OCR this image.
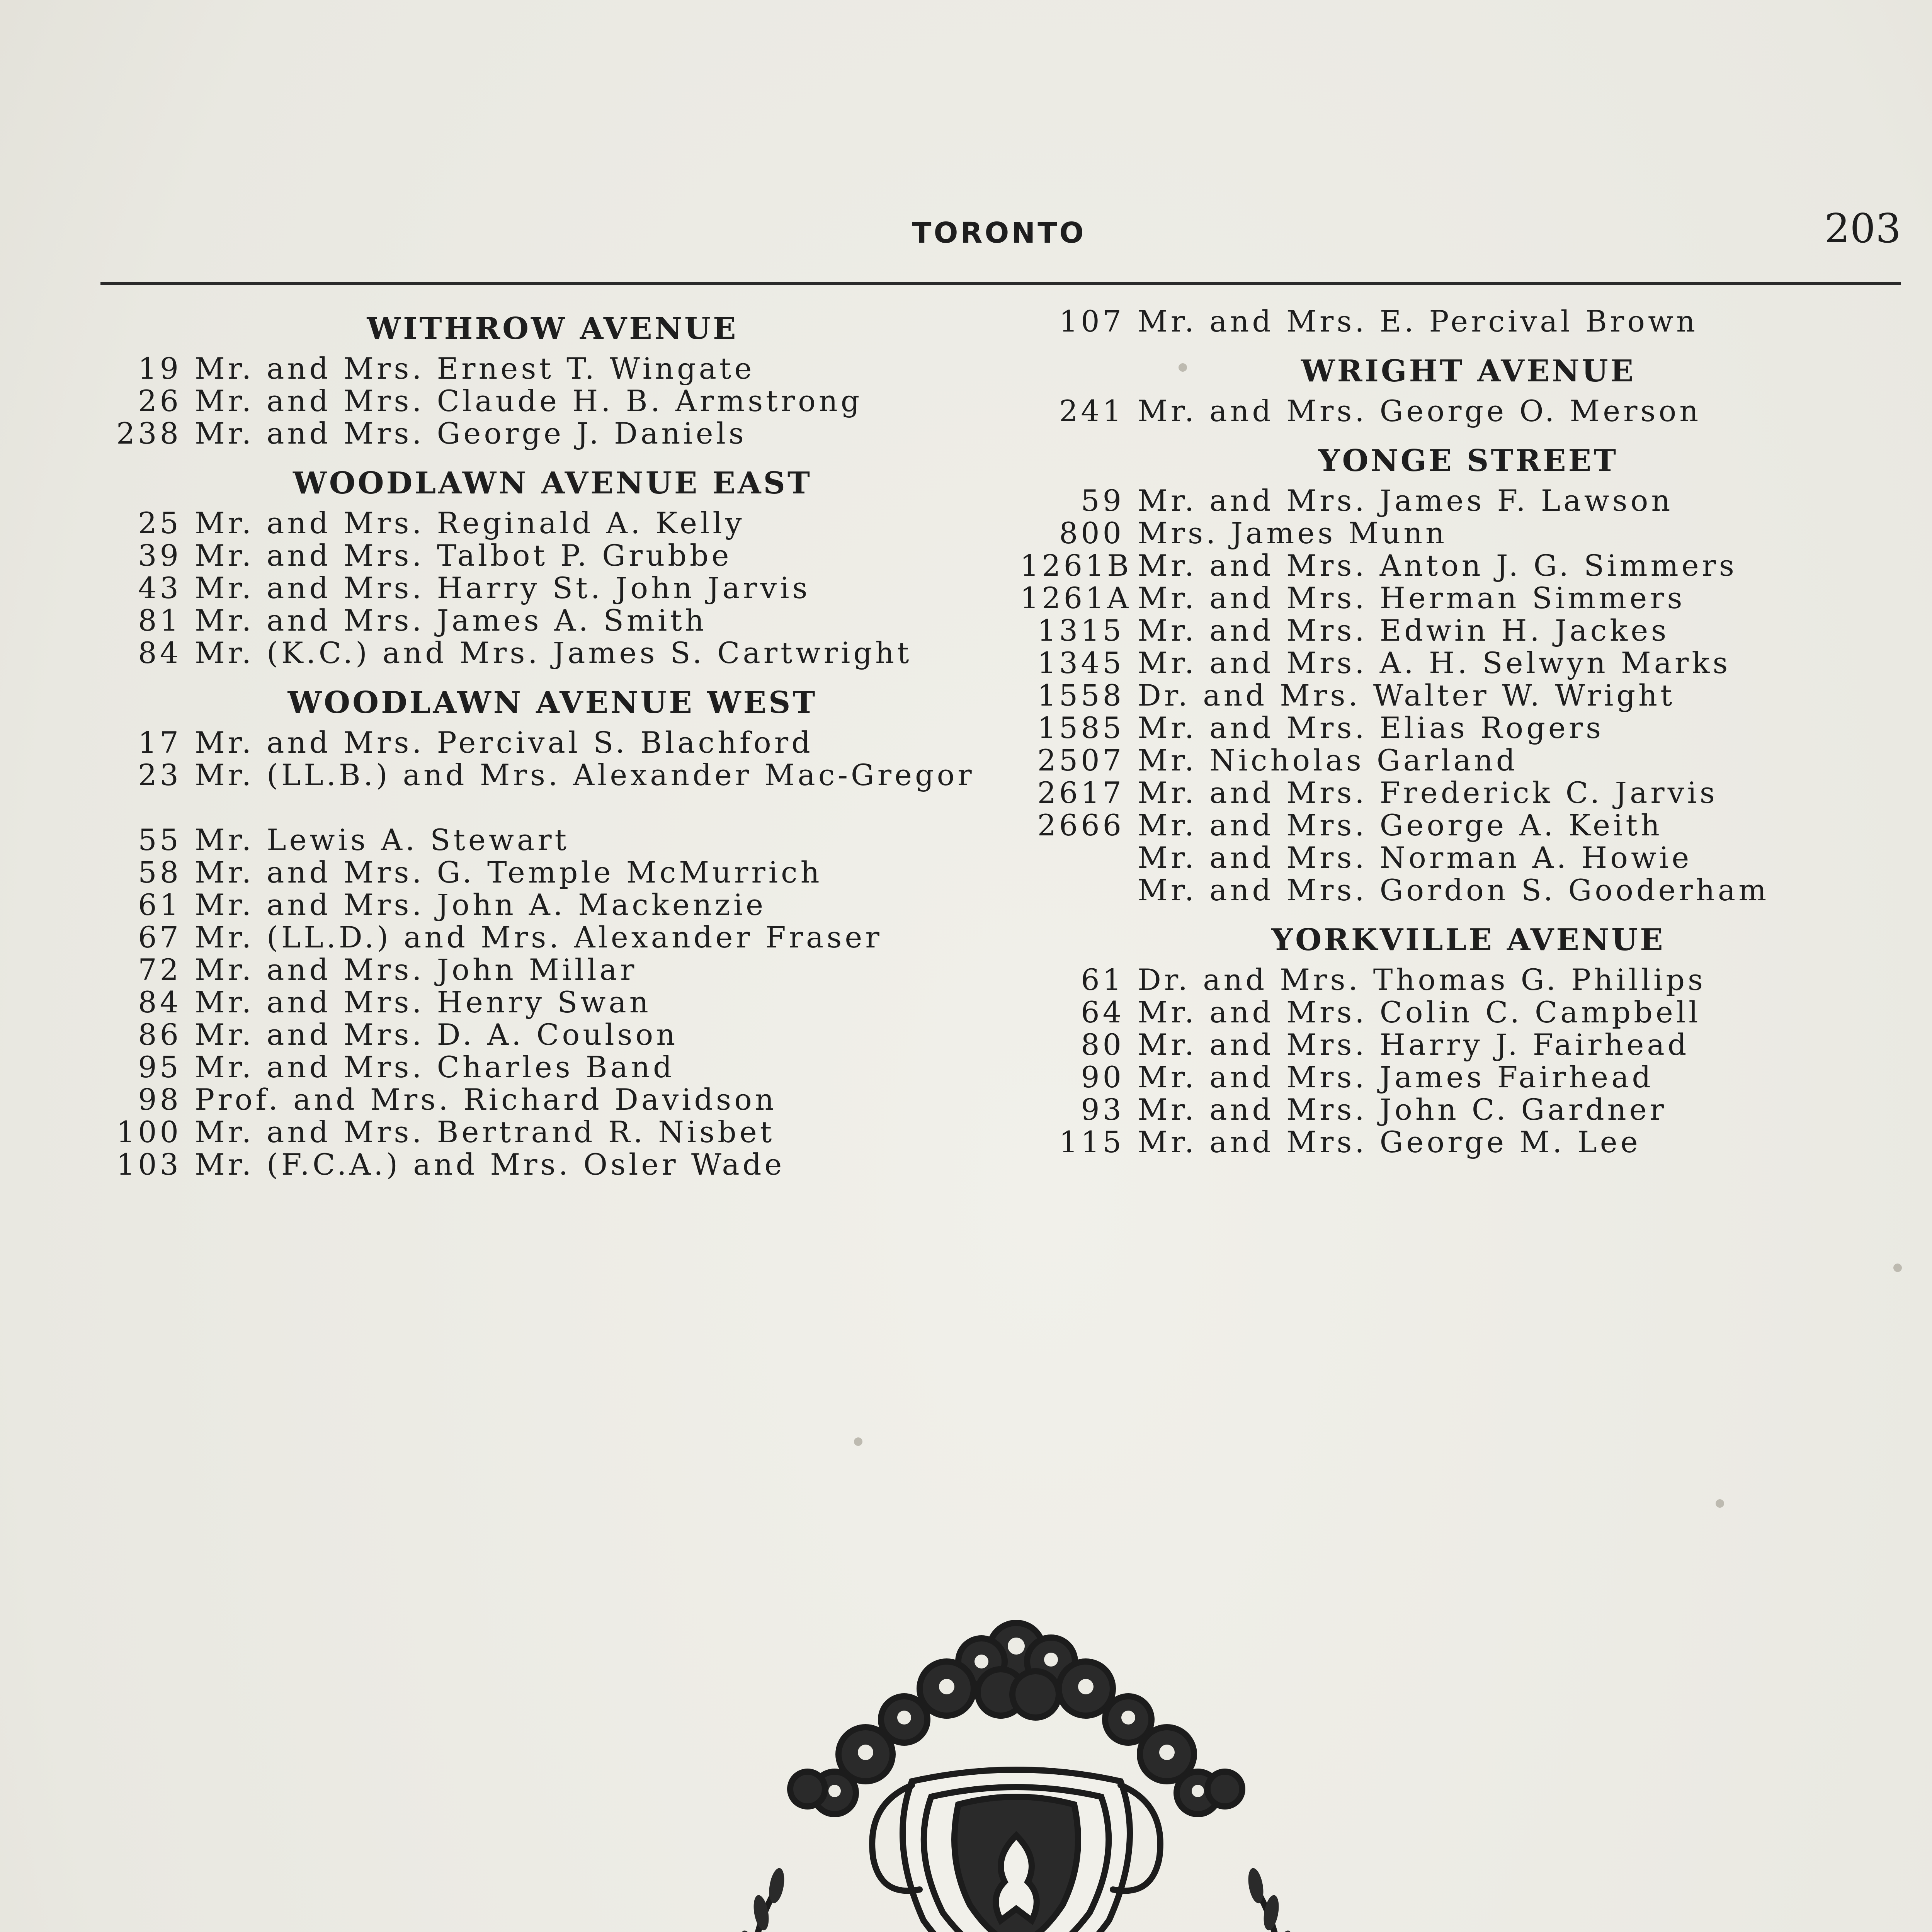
TORONTO	203
WITHROW AVENUE
19 Mr. and Mrs. Ernest T. Wingate
26 Mr. and Mrs. Claude H. B. Armstrong
238 Mr. and Mrs. George J. Daniels
WOODLAWN AVENUE EAST
25 Mr. and Mrs. Reginald A. Kelly
39 Mr. and Mrs. Talbot P. Grubbe
43 Mr. and Mrs. Harry St. John Jarvis
81 Mr. and Mrs. James A. Smith
84 Mr. (K.C.) and Mrs. James S. Cartwright
WOODLAWN AVENUE WEST
17 Mr. and Mrs. Percival S. Blachford
23 Mr. (LL.B.) and Mrs. Alexander Mac-Gregor
55 Mr. Lewis A. Stewart
58 Mr. and Mrs. G. Temple McMurrich
61 Mr. and Mrs. John A. Mackenzie
67 Mr. (LL.D.) and Mrs. Alexander Fraser
72 Mr. and Mrs. John Millar
84 Mr. and Mrs. Henry Swan
86 Mr. and Mrs. D. A. Coulson
95 Mr. and Mrs. Charles Band
98 Prof. and Mrs. Richard Davidson
100 Mr. and Mrs. Bertrand R. Nisbet
103 Mr. (F.C.A.) and Mrs. Osler Wade
107 Mr. and Mrs. E. Percival Brown
WRIGHT AVENUE
241 Mr. and Mrs. George O. Merson
YONGE STREET
59 Mr. and Mrs. James F. Lawson
800 Mrs. James Munn
1261B Mr. and Mrs. Anton J. G. Simmers
1261A Mr. and Mrs. Herman Simmers
1315 Mr. and Mrs. Edwin H. Jackes
1345 Mr. and Mrs. A. H. Selwyn Marks
1558 Dr. and Mrs. Walter W. Wright
1585 Mr. and Mrs. Elias Rogers
2507 Mr. Nicholas Garland
2617 Mr. and Mrs. Frederick C. Jarvis
2666 Mr. and Mrs. George A. Keith
Mr. and Mrs. Norman A. Howie
Mr. and Mrs. Gordon S. Gooderham
YORKVILLE AVENUE
61 Dr. and Mrs. Thomas G. Phillips
64 Mr. and Mrs. Colin C. Campbell
80 Mr. and Mrs. Harry J. Fairhead
90 Mr. and Mrs. James Fairhead
93 Mr. and Mrs. John C. Gardner
115 Mr. and Mrs. George M. Lee
